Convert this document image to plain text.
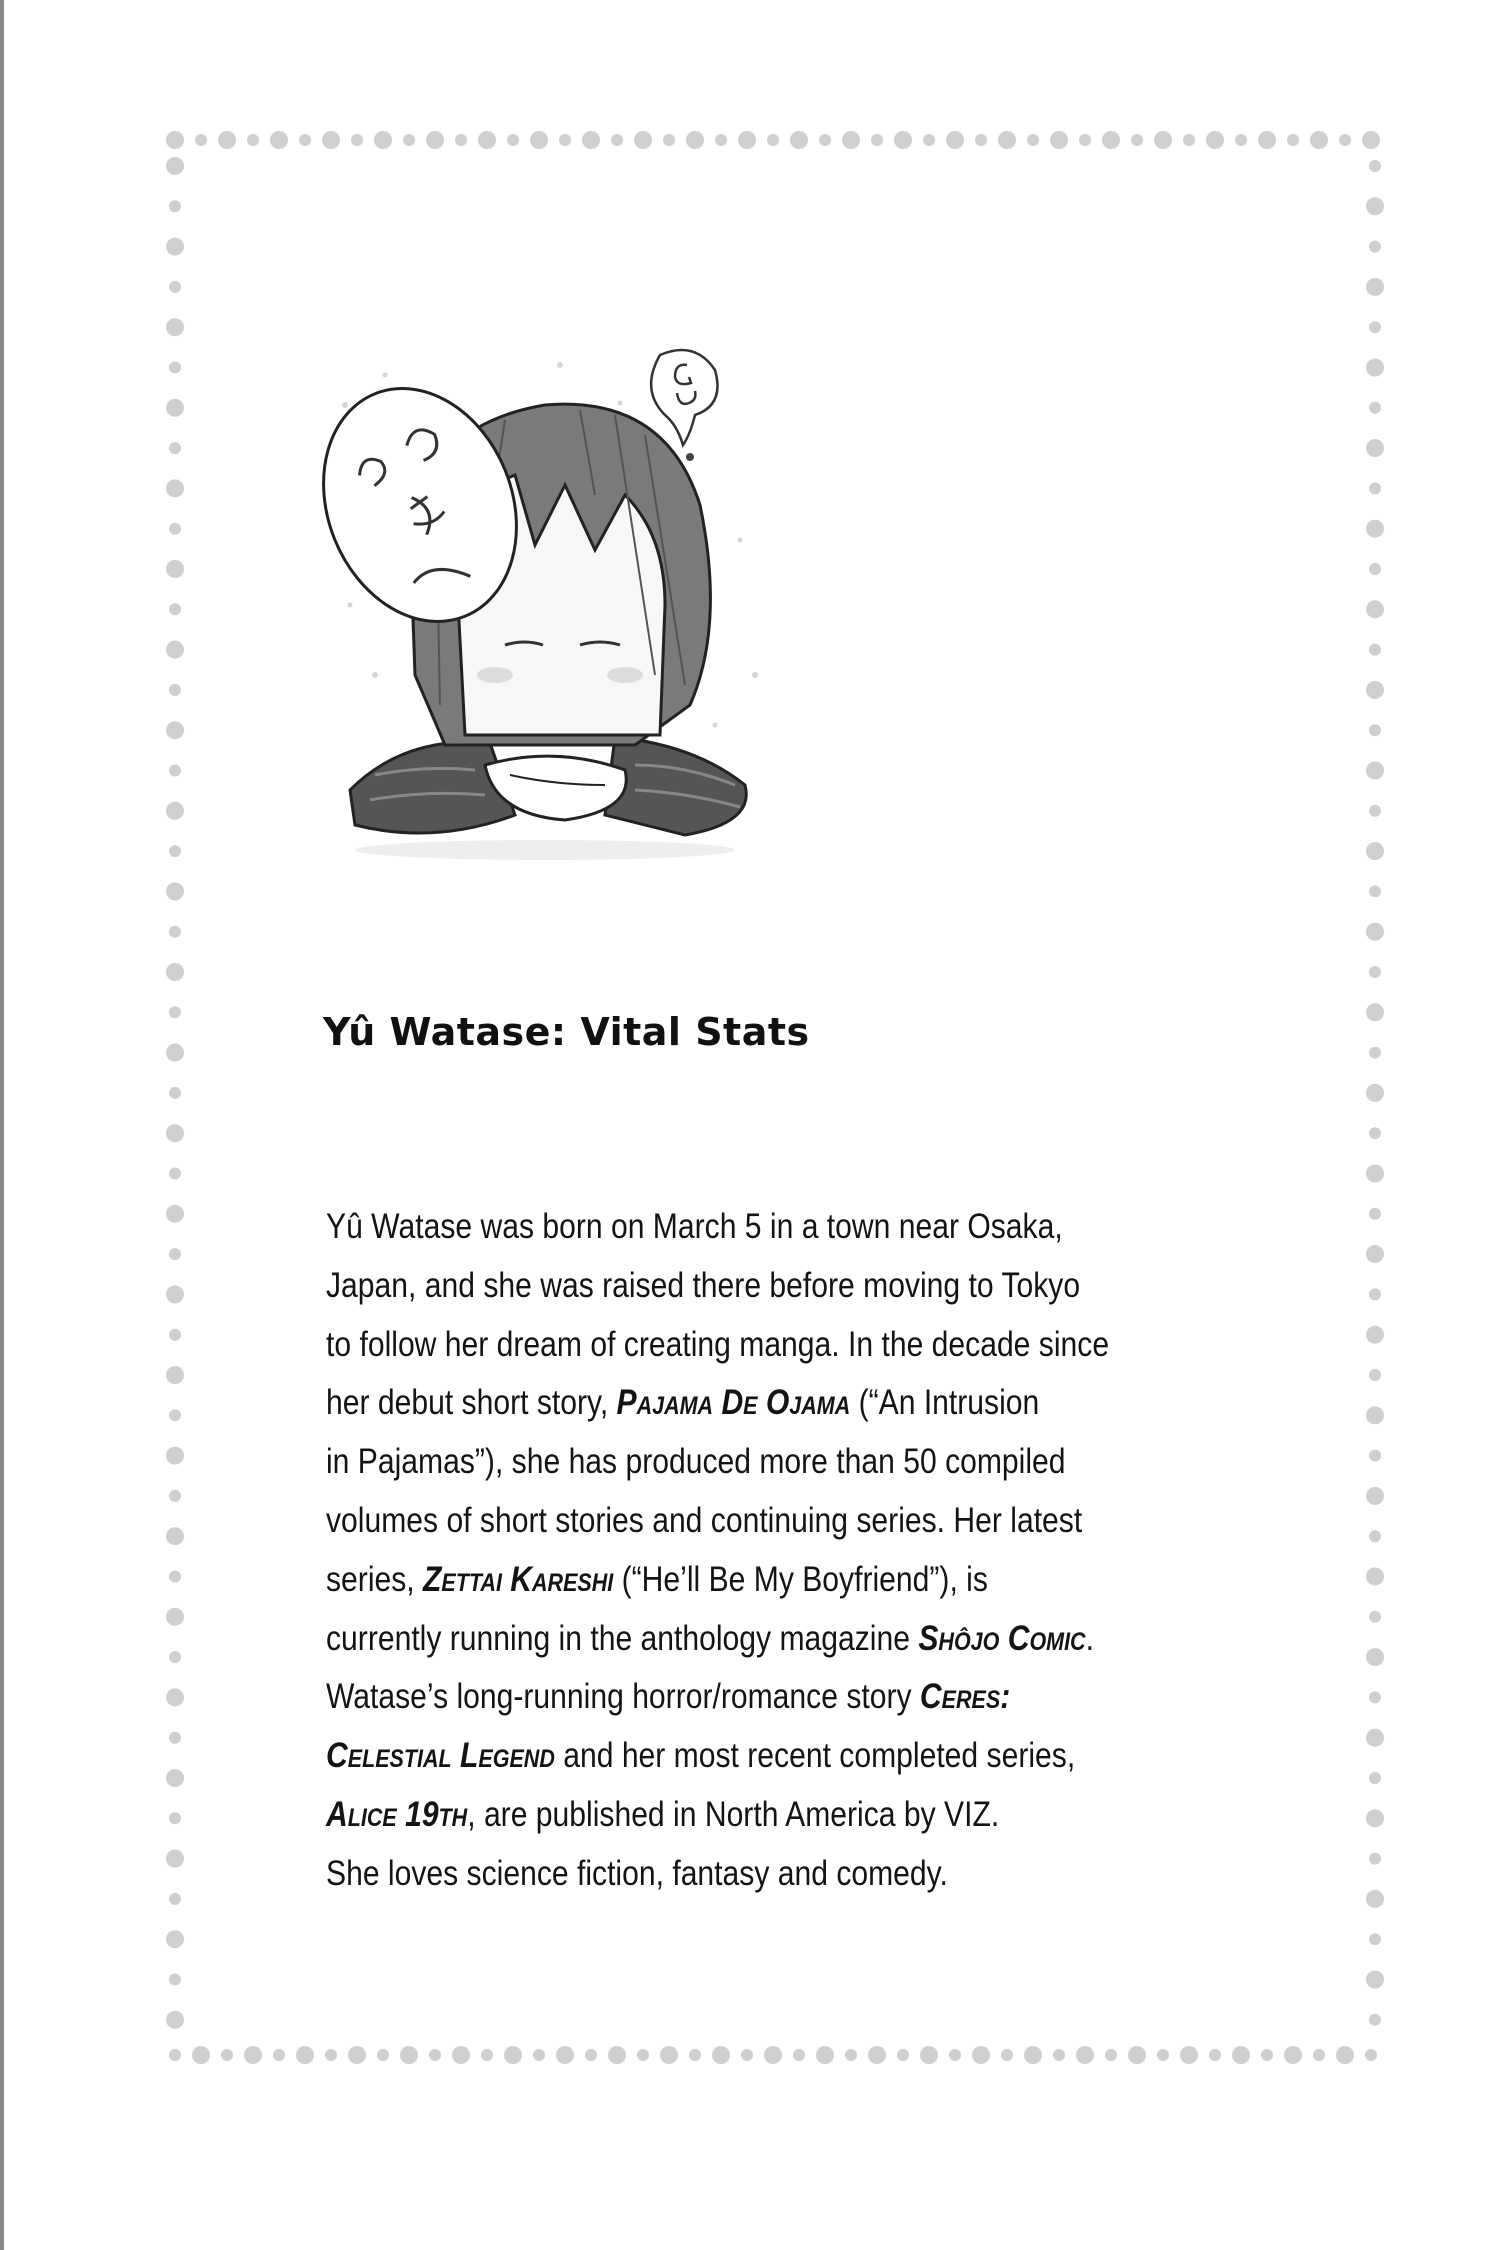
Yû Watase: Vital Stats
Yû Watase was born on March 5 in a town near Osaka,
Japan, and she was raised there before moving to Tokyo
to follow her dream of creating manga. In the decade since
her debut short story, Pajama De Ojama (“An Intrusion
in Pajamas”), she has produced more than 50 compiled
volumes of short stories and continuing series. Her latest
series, Zettai Kareshi (“He’ll Be My Boyfriend”), is
currently running in the anthology magazine Shôjo Comic.
Watase’s long-running horror/romance story Ceres:
Celestial Legend and her most recent completed series,
Alice 19th, are published in North America by VIZ.
She loves science fiction, fantasy and comedy.
